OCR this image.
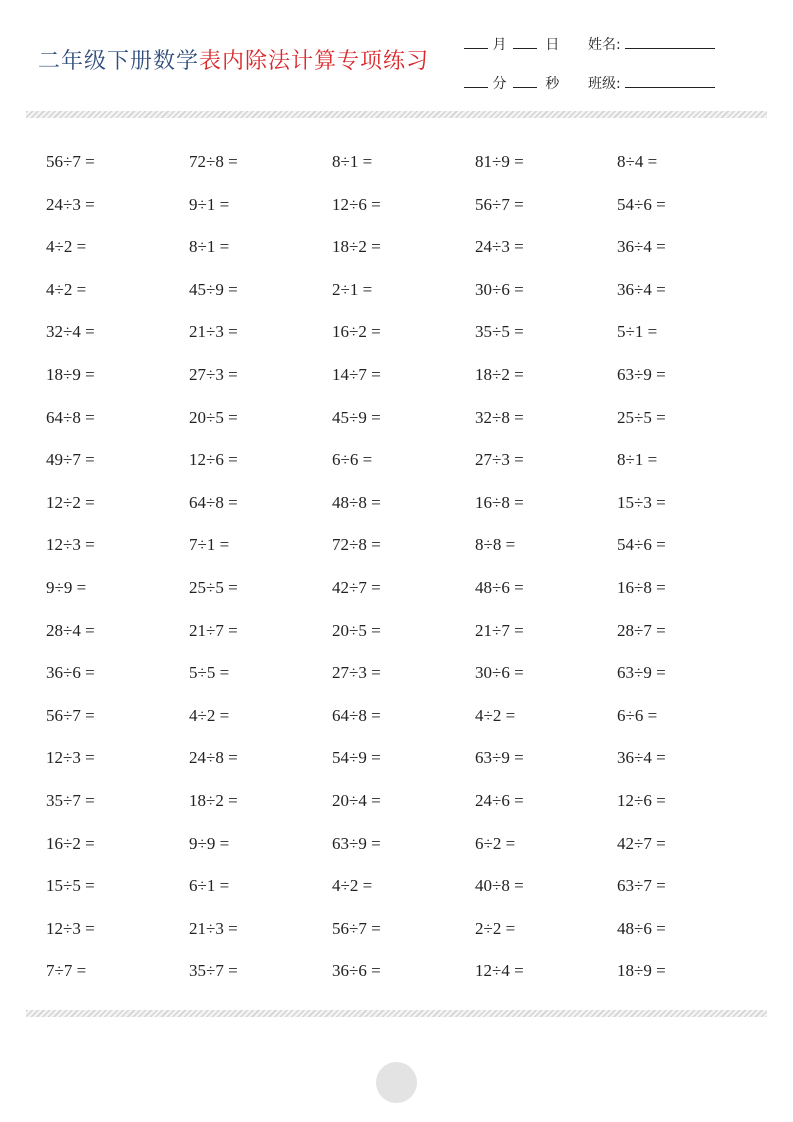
二年级下册数学表内除法计算专项练习
月	日
分	秒
姓名:
班级:
56÷7 =	72÷8 =	8÷1 =	81÷9 =	8÷4 =
24÷3 =	9÷1 =	12÷6 =	56÷7 =	54÷6 =
4÷2 =	8÷1 =	18÷2 =	24÷3 =	36÷4 =
4÷2 =	45÷9 =	2÷1 =	30÷6 =	36÷4 =
32÷4 =	21÷3 =	16÷2 =	35÷5 =	5÷1 =
18÷9 =	27÷3 =	14÷7 =	18÷2 =	63÷9 =
64÷8 =	20÷5 =	45÷9 =	32÷8 =	25÷5 =
49÷7 =	12÷6 =	6÷6 =	27÷3 =	8÷1 =
12÷2 =	64÷8 =	48÷8 =	16÷8 =	15÷3 =
12÷3 =	7÷1 =	72÷8 =	8÷8 =	54÷6 =
9÷9 =	25÷5 =	42÷7 =	48÷6 =	16÷8 =
28÷4 =	21÷7 =	20÷5 =	21÷7 =	28÷7 =
36÷6 =	5÷5 =	27÷3 =	30÷6 =	63÷9 =
56÷7 =	4÷2 =	64÷8 =	4÷2 =	6÷6 =
12÷3 =	24÷8 =	54÷9 =	63÷9 =	36÷4 =
35÷7 =	18÷2 =	20÷4 =	24÷6 =	12÷6 =
16÷2 =	9÷9 =	63÷9 =	6÷2 =	42÷7 =
15÷5 =	6÷1 =	4÷2 =	40÷8 =	63÷7 =
12÷3 =	21÷3 =	56÷7 =	2÷2 =	48÷6 =
7÷7 =	35÷7 =	36÷6 =	12÷4 =	18÷9 =
